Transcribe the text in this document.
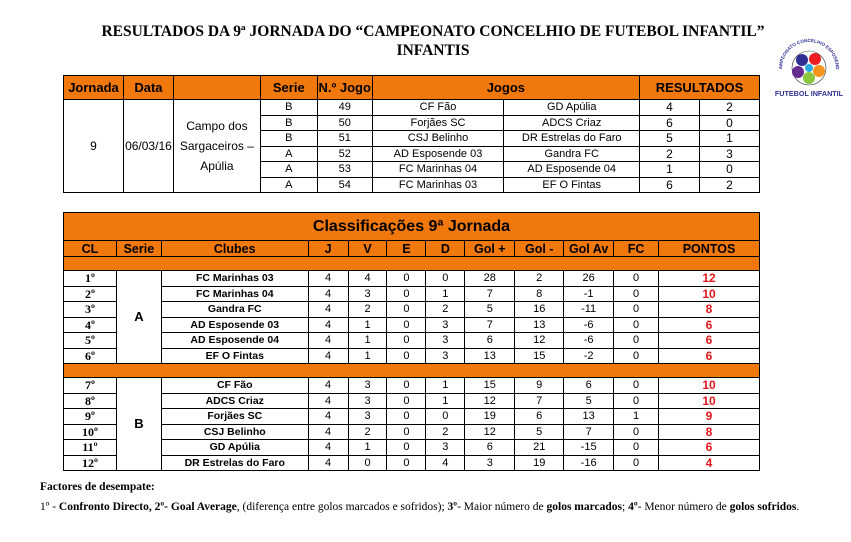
RESULTADOS DA 9ª JORNADA DO “CAMPEONATO CONCELHIO DE FUTEBOL INFANTIL”
INFANTIS
AMPEONATO CONCELHIO ESPOSEND
FUTEBOL INFANTIL
Jornada	Data		Serie	N.º Jogo	Jogos		RESULTADOS	
9	06/03/16	Campo dos Sargaceiros – Apúlia	B	49	CF Fão	GD Apúlia	4	2
			B	50	Forjães SC	ADCS Criaz	6	0
			B	51	CSJ Belinho	DR Estrelas do Faro	5	1
			A	52	AD Esposende 03	Gandra FC	2	3
			A	53	FC Marinhas 04	AD Esposende 04	1	0
			A	54	FC Marinhas 03	EF O Fintas	6	2
Classificações 9ª Jornada											
CL	Serie	Clubes	J	V	E	D	Gol +	Gol -	Gol Av	FC	PONTOS

1º	A	FC Marinhas 03	4	4	0	0	28	2	26	0	12
2º		FC Marinhas 04	4	3	0	1	7	8	-1	0	10
3º		Gandra FC	4	2	0	2	5	16	-11	0	8
4º		AD Esposende 03	4	1	0	3	7	13	-6	0	6
5º		AD Esposende 04	4	1	0	3	6	12	-6	0	6
6º		EF O Fintas	4	1	0	3	13	15	-2	0	6

7º	B	CF Fão	4	3	0	1	15	9	6	0	10
8º		ADCS Criaz	4	3	0	1	12	7	5	0	10
9º		Forjães SC	4	3	0	0	19	6	13	1	9
10º		CSJ Belinho	4	2	0	2	12	5	7	0	8
11º		GD Apúlia	4	1	0	3	6	21	-15	0	6
12º		DR Estrelas do Faro	4	0	0	4	3	19	-16	0	4
Factores de desempate:
1º - Confronto Directo, 2º- Goal Average, (diferença entre golos marcados e sofridos); 3º- Maior número de golos marcados; 4º- Menor número de golos sofridos.
